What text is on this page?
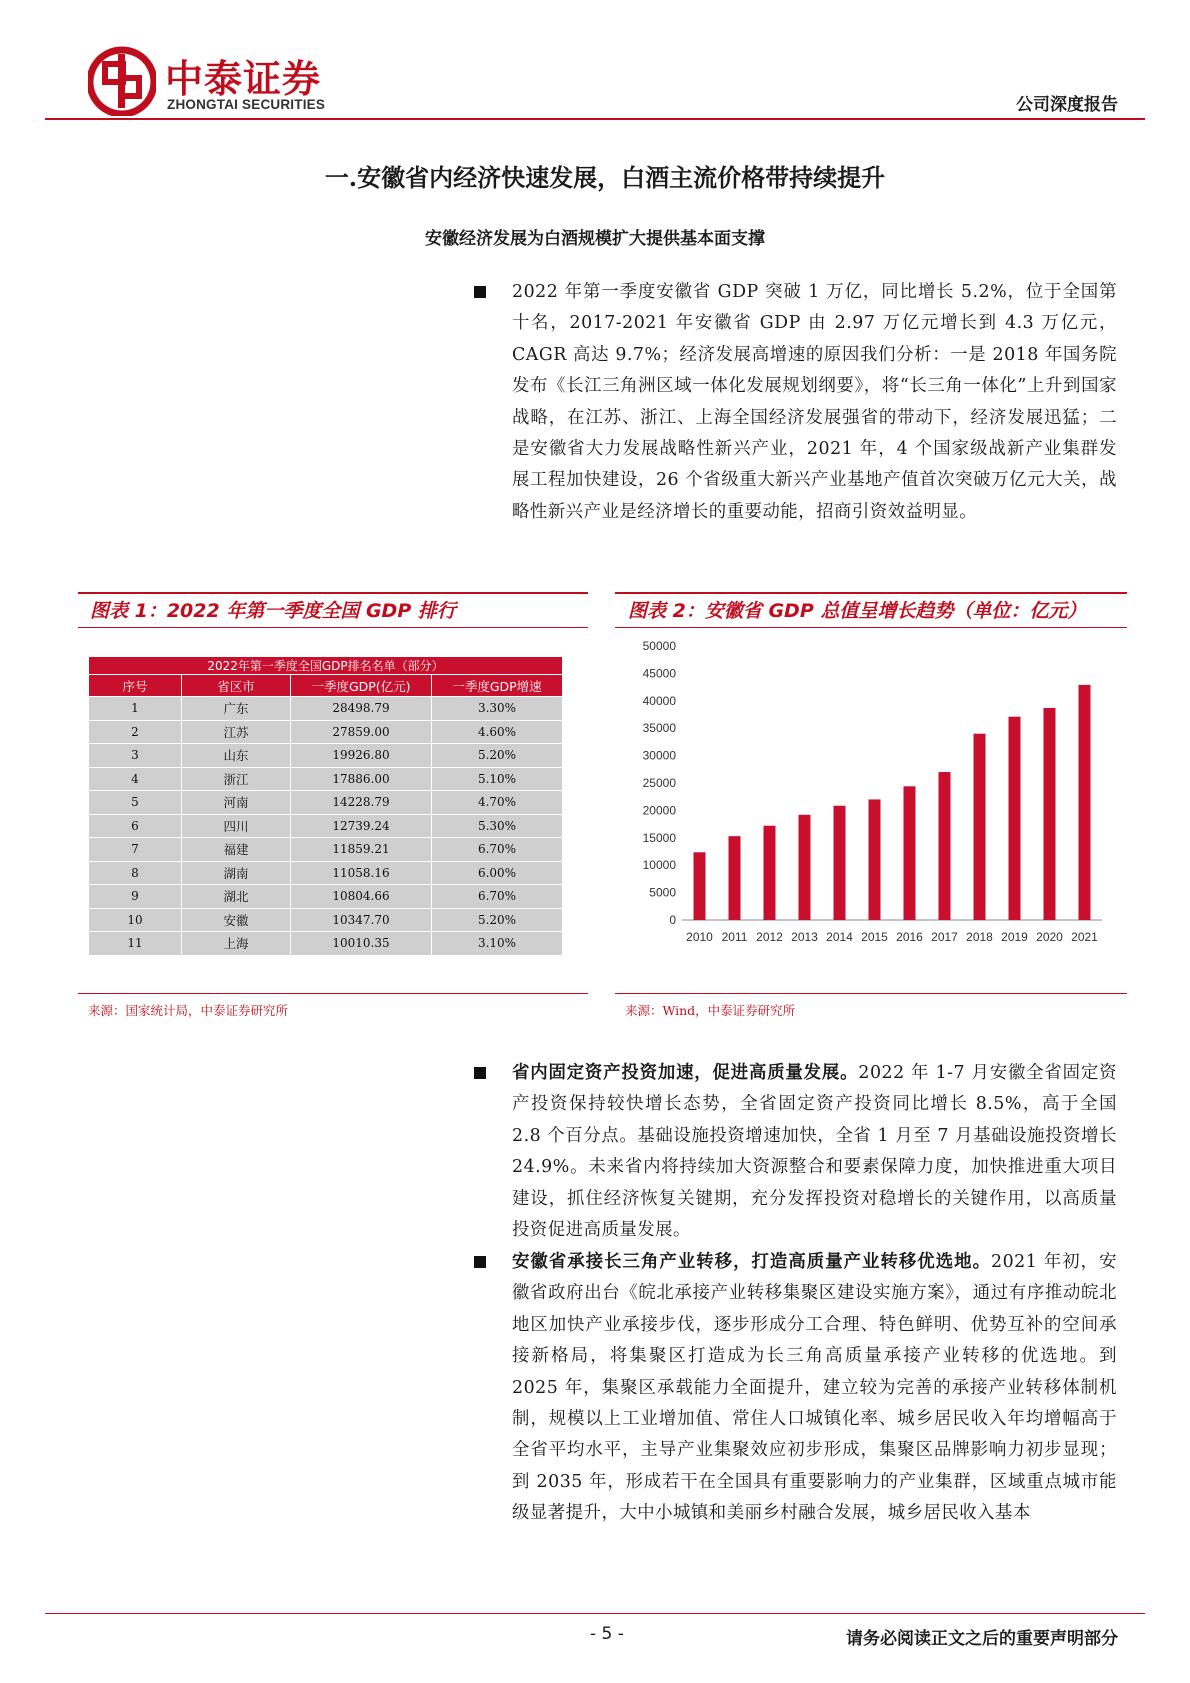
中泰证券
ZHONGTAI SECURITIES	公司深度报告
一.安徽省内经济快速发展，白酒主流价格带持续提升
安徽经济发展为白酒规模扩大提供基本面支撑
2022 年第一季度安徽省 GDP 突破 1 万亿，同比增长 5.2%，位于全国第十名，2017-2021 年安徽省 GDP 由 2.97 万亿元增长到 4.3 万亿元，CAGR 高达 9.7%；经济发展高增速的原因我们分析：一是 2018 年国务院发布《长江三角洲区域一体化发展规划纲要》，将“长三角一体化”上升到国家战略，在江苏、浙江、上海全国经济发展强省的带动下，经济发展迅猛；二是安徽省大力发展战略性新兴产业，2021 年，4 个国家级战新产业集群发展工程加快建设，26 个省级重大新兴产业基地产值首次突破万亿元大关，战略性新兴产业是经济增长的重要动能，招商引资效益明显。
图表 1：2022 年第一季度全国 GDP 排行
2022年第一季度全国GDP排名名单（部分）			
序号	省区市	一季度GDP(亿元)	一季度GDP增速
1	广东	28498.79	3.30%
2	江苏	27859.00	4.60%
3	山东	19926.80	5.20%
4	浙江	17886.00	5.10%
5	河南	14228.79	4.70%
6	四川	12739.24	5.30%
7	福建	11859.21	6.70%
8	湖南	11058.16	6.00%
9	湖北	10804.66	6.70%
10	安徽	10347.70	5.20%
11	上海	10010.35	3.10%
来源：国家统计局，中泰证券研究所
图表 2：安徽省 GDP 总值呈增长趋势（单位：亿元）
0
5000
10000
15000
20000
25000
30000
35000
40000
45000
50000
2010 2011 2012 2013 2014 2015 2016 2017 2018 2019 2020 2021
来源：Wind，中泰证券研究所
省内固定资产投资加速，促进高质量发展。2022 年 1-7 月安徽全省固定资产投资保持较快增长态势，全省固定资产投资同比增长 8.5%，高于全国 2.8 个百分点。基础设施投资增速加快，全省 1 月至 7 月基础设施投资增长 24.9%。未来省内将持续加大资源整合和要素保障力度，加快推进重大项目建设，抓住经济恢复关键期，充分发挥投资对稳增长的关键作用，以高质量投资促进高质量发展。
安徽省承接长三角产业转移，打造高质量产业转移优选地。2021 年初，安徽省政府出台《皖北承接产业转移集聚区建设实施方案》，通过有序推动皖北地区加快产业承接步伐，逐步形成分工合理、特色鲜明、优势互补的空间承接新格局，将集聚区打造成为长三角高质量承接产业转移的优选地。到 2025 年，集聚区承载能力全面提升，建立较为完善的承接产业转移体制机制，规模以上工业增加值、常住人口城镇化率、城乡居民收入年均增幅高于全省平均水平，主导产业集聚效应初步形成，集聚区品牌影响力初步显现；到 2035 年，形成若干在全国具有重要影响力的产业集群，区域重点城市能级显著提升，大中小城镇和美丽乡村融合发展，城乡居民收入基本
- 5 -	请务必阅读正文之后的重要声明部分
